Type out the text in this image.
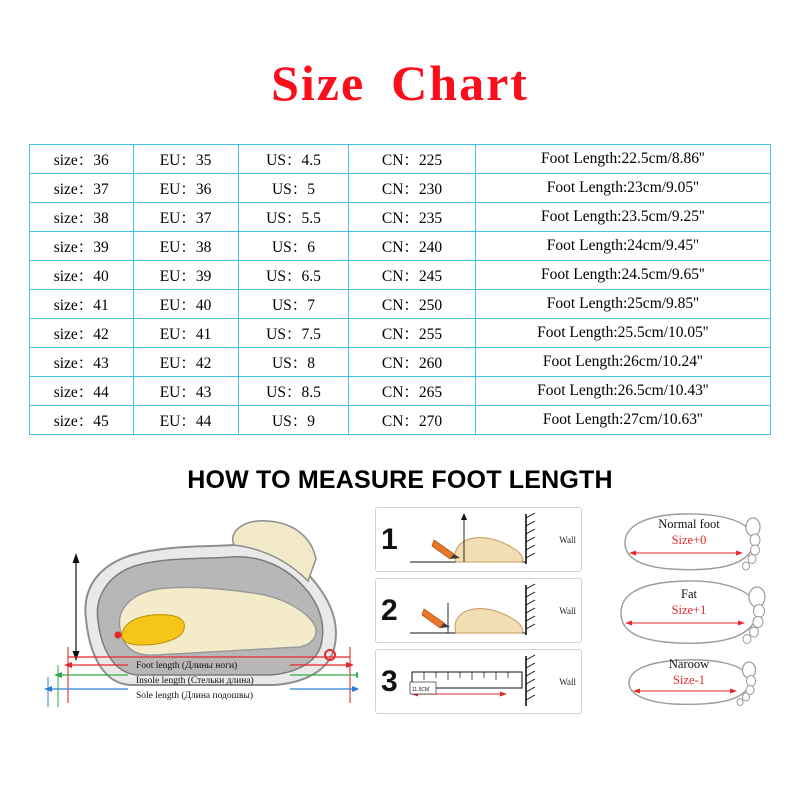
Size Chart
size：36	EU：35	US：4.5	CN：225	Foot Length:22.5cm/8.86''
size：37	EU：36	US：5	CN：230	Foot Length:23cm/9.05''
size：38	EU：37	US：5.5	CN：235	Foot Length:23.5cm/9.25''
size：39	EU：38	US：6	CN：240	Foot Length:24cm/9.45''
size：40	EU：39	US：6.5	CN：245	Foot Length:24.5cm/9.65''
size：41	EU：40	US：7	CN：250	Foot Length:25cm/9.85''
size：42	EU：41	US：7.5	CN：255	Foot Length:25.5cm/10.05''
size：43	EU：42	US：8	CN：260	Foot Length:26cm/10.24''
size：44	EU：43	US：8.5	CN：265	Foot Length:26.5cm/10.43''
size：45	EU：44	US：9	CN：270	Foot Length:27cm/10.63''
HOW TO MEASURE FOOT LENGTH
Foot length (Длины ноги)
Insole length (Стельки длина)
Sole length (Длина подошвы)
1	Wall
2	Wall
3	11.5CM
Wall
Normal foot
Size+0
Fat
Size+1
Naroow
Size-1
